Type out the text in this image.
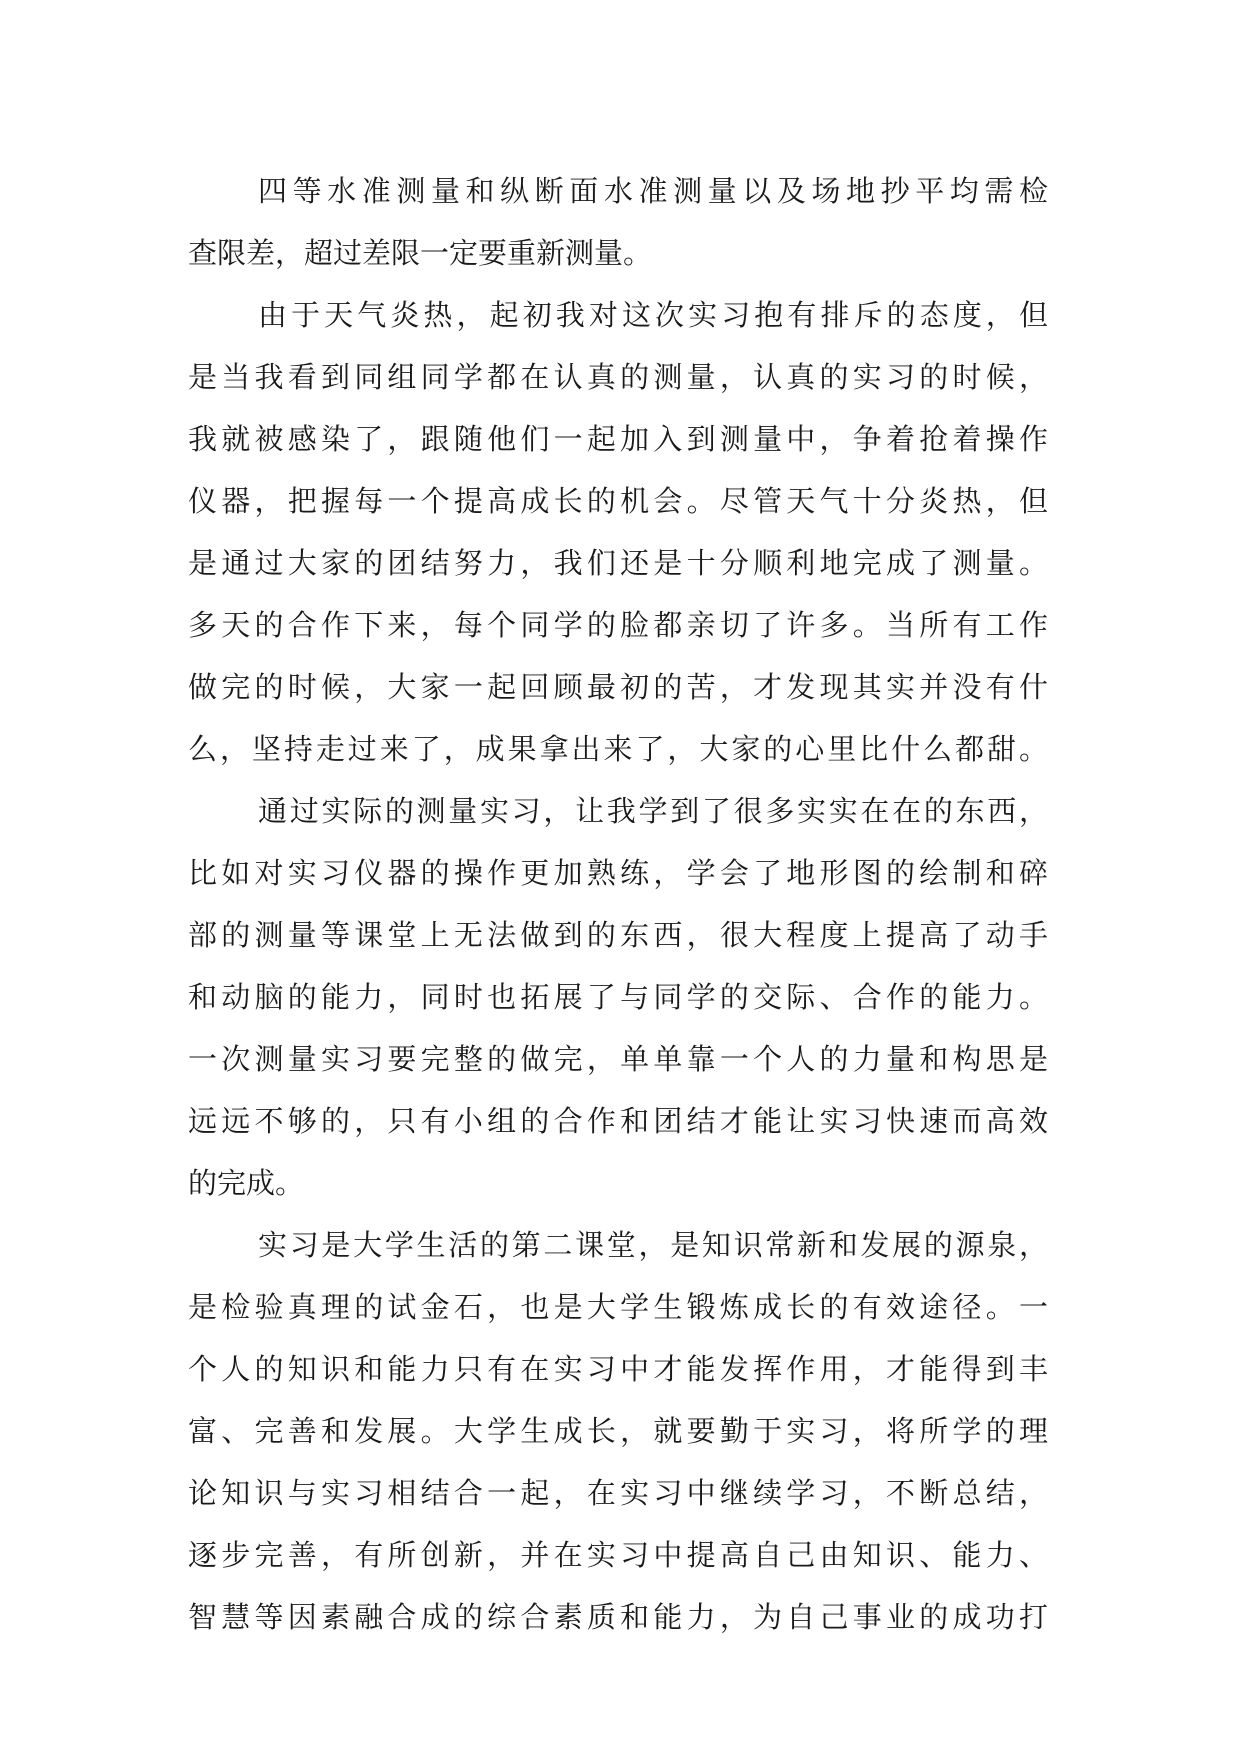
四等水准测量和纵断面水准测量以及场地抄平均需检
查限差，超过差限一定要重新测量。
由于天气炎热，起初我对这次实习抱有排斥的态度，但
是当我看到同组同学都在认真的测量，认真的实习的时候，
我就被感染了，跟随他们一起加入到测量中，争着抢着操作
仪器，把握每一个提高成长的机会。尽管天气十分炎热，但
是通过大家的团结努力，我们还是十分顺利地完成了测量。
多天的合作下来，每个同学的脸都亲切了许多。当所有工作
做完的时候，大家一起回顾最初的苦，才发现其实并没有什
么，坚持走过来了，成果拿出来了，大家的心里比什么都甜。
通过实际的测量实习，让我学到了很多实实在在的东西，
比如对实习仪器的操作更加熟练，学会了地形图的绘制和碎
部的测量等课堂上无法做到的东西，很大程度上提高了动手
和动脑的能力，同时也拓展了与同学的交际、合作的能力。
一次测量实习要完整的做完，单单靠一个人的力量和构思是
远远不够的，只有小组的合作和团结才能让实习快速而高效
的完成。
实习是大学生活的第二课堂，是知识常新和发展的源泉，
是检验真理的试金石，也是大学生锻炼成长的有效途径。一
个人的知识和能力只有在实习中才能发挥作用，才能得到丰
富、完善和发展。大学生成长，就要勤于实习，将所学的理
论知识与实习相结合一起，在实习中继续学习，不断总结，
逐步完善，有所创新，并在实习中提高自己由知识、能力、
智慧等因素融合成的综合素质和能力，为自己事业的成功打
